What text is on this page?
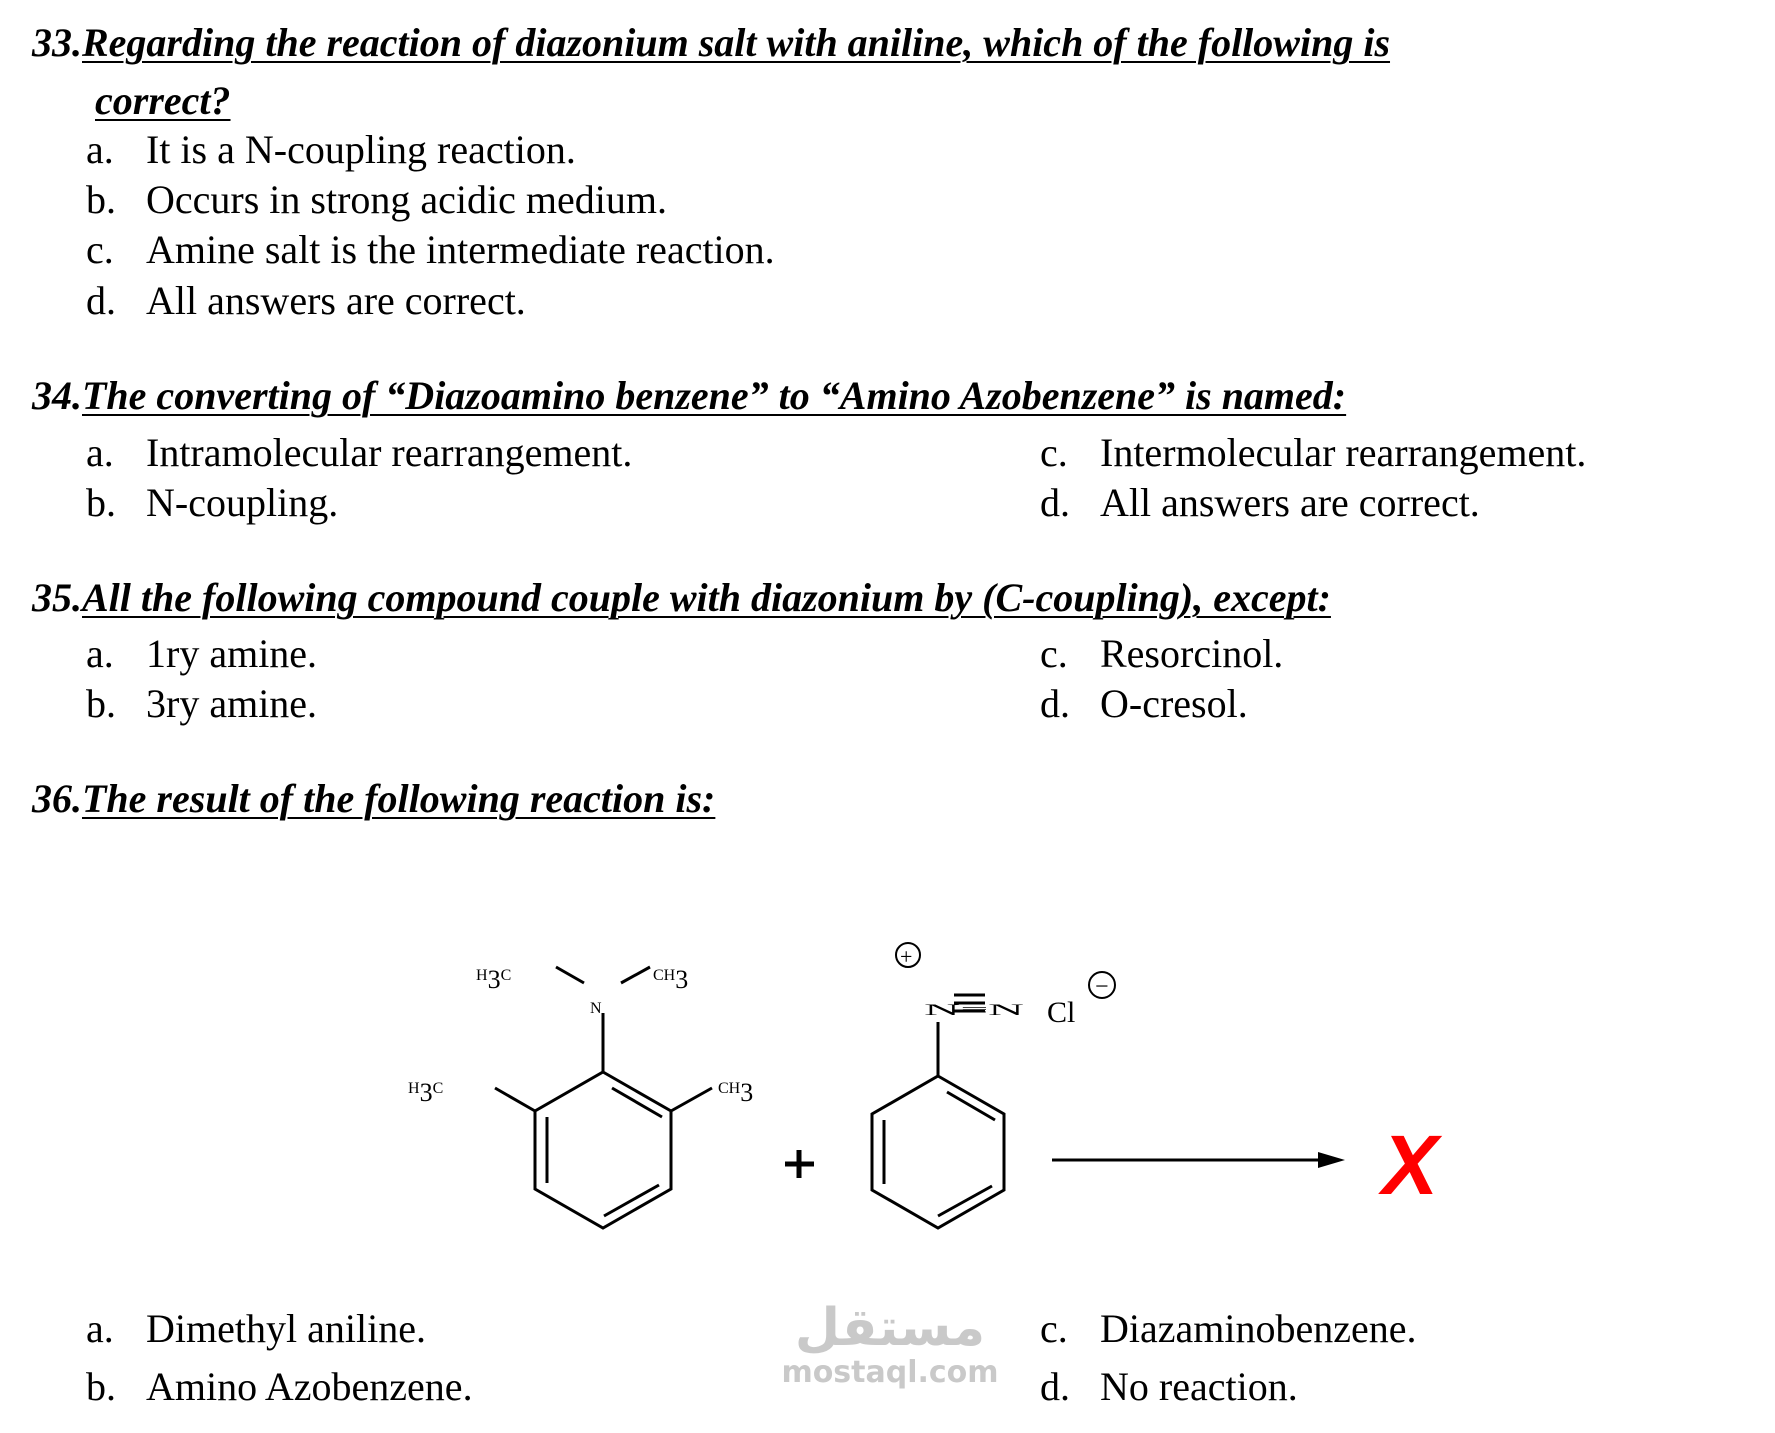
33.Regarding the reaction of diazonium salt with aniline, which of the following is
correct?
a. It is a N-coupling reaction.
b. Occurs in strong acidic medium.
c. Amine salt is the intermediate reaction.
d. All answers are correct.
34.The converting of “Diazoamino benzene” to “Amino Azobenzene” is named:
a. Intramolecular rearrangement.
b. N-coupling.
c. Intermolecular rearrangement.
d. All answers are correct.
35.All the following compound couple with diazonium by (C-coupling), except:
a. 1ry amine.
b. 3ry amine.
c. Resorcinol.
d. O-cresol.
36.The result of the following reaction is:
H3C	CH3
N
H3C	CH3
N≡N Cl
+
−
X
a. Dimethyl aniline.
b. Amino Azobenzene.
c. Diazaminobenzene.
d. No reaction.
مستقل
mostaql.com
